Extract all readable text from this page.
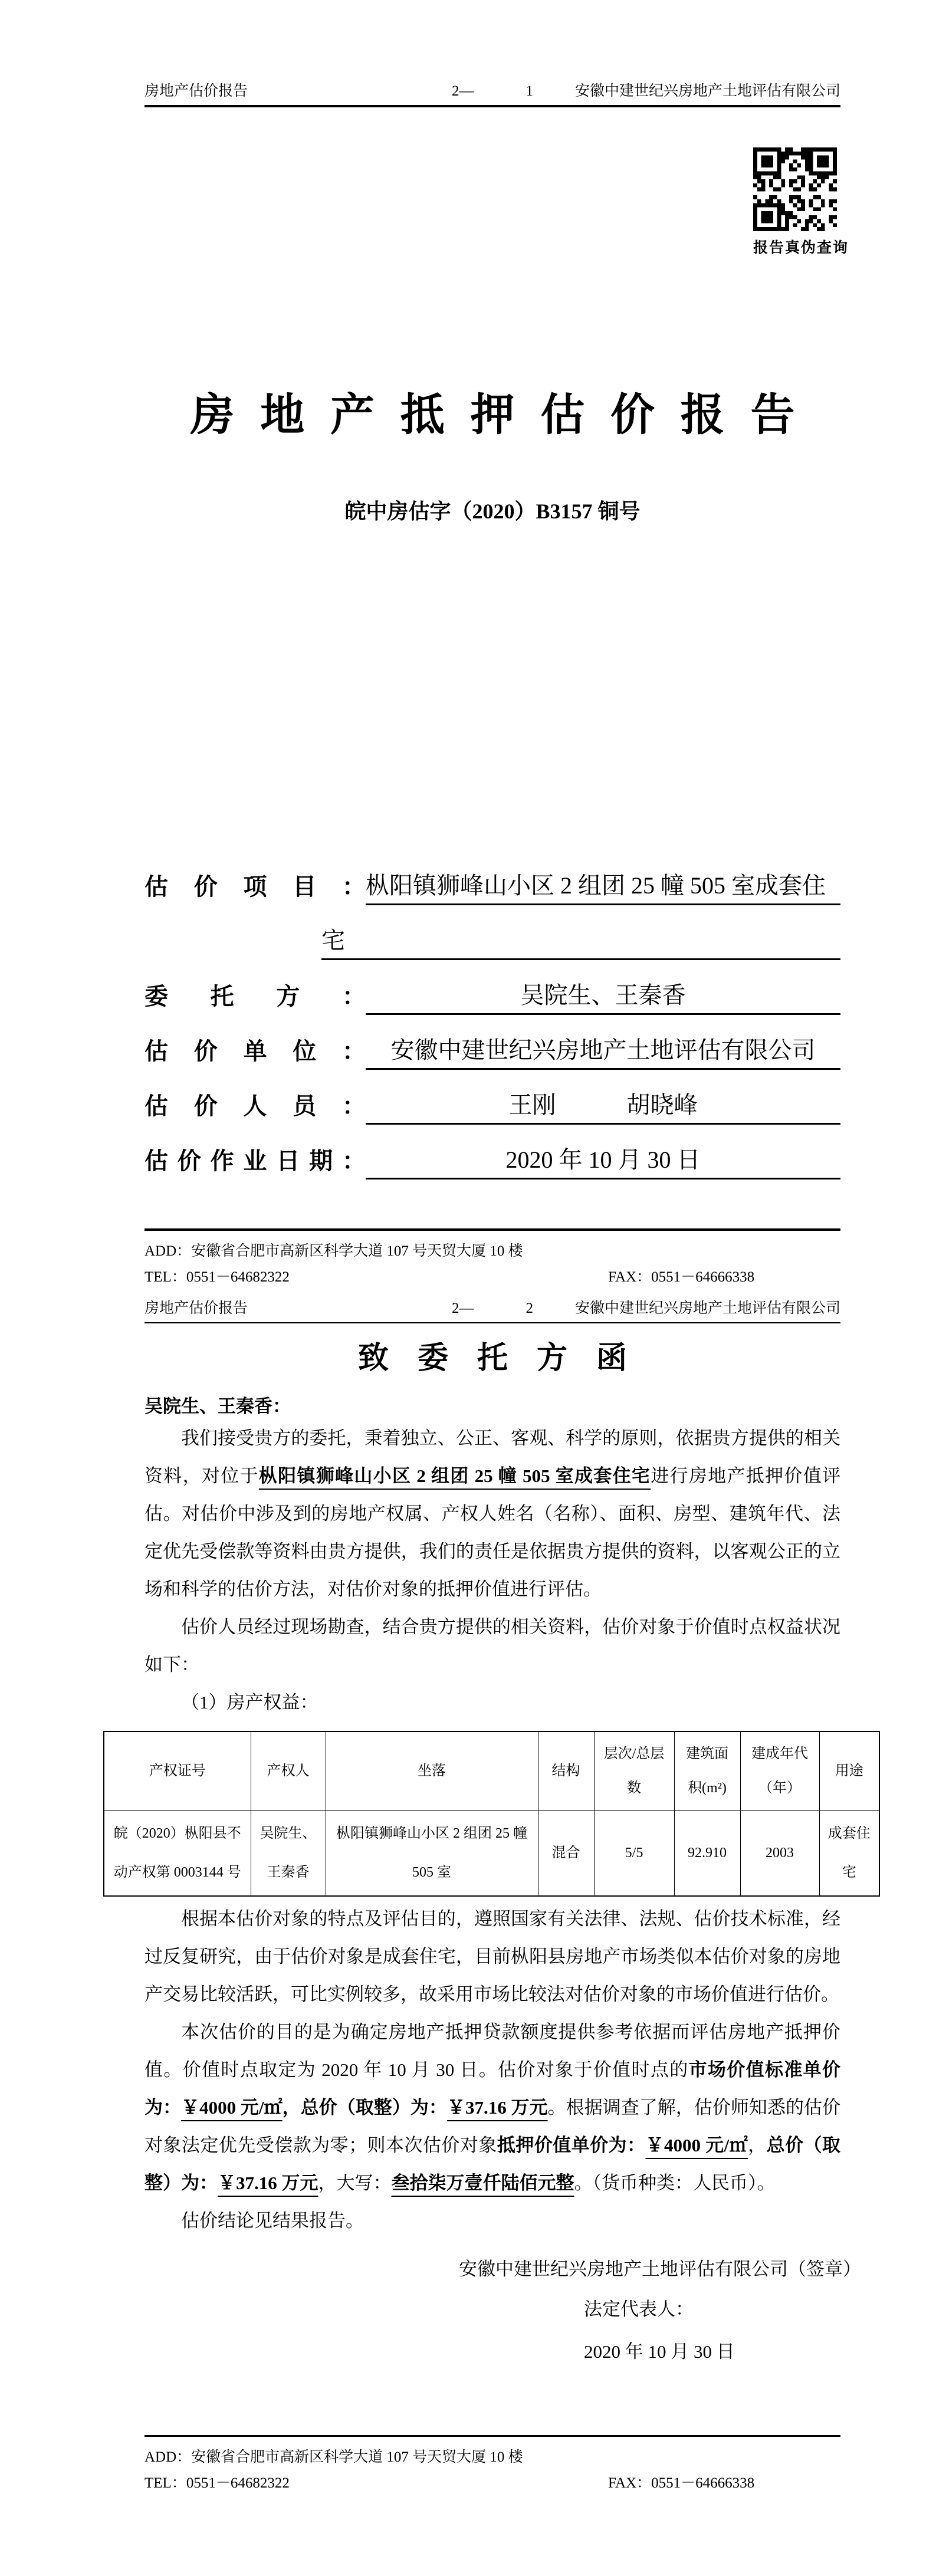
房地产估价报告	2—	1	安徽中建世纪兴房地产土地评估有限公司
报告真伪查询
房 地 产 抵 押 估 价 报 告
皖中房估字（2020）B3157 铜号
估价项目： 枞阳镇狮峰山小区 2 组团 25 幢 505 室成套住
宅
委托方：	吴院生、王秦香
估价单位：	安徽中建世纪兴房地产土地评估有限公司
估价人员：	王刚　　　胡晓峰
估价作业日期：	2020 年 10 月 30 日
ADD：安徽省合肥市高新区科学大道 107 号天贸大厦 10 楼
TEL：0551－64682322	FAX：0551－64666338
房地产估价报告	2—	2	安徽中建世纪兴房地产土地评估有限公司
致 委 托 方 函
吴院生、王秦香：

我们接受贵方的委托，秉着独立、公正、客观、科学的原则，依据贵方提供的相关资料，对位于枞阳镇狮峰山小区 2 组团 25 幢 505 室成套住宅进行房地产抵押价值评估。对估价中涉及到的房地产权属、产权人姓名（名称）、面积、房型、建筑年代、法定优先受偿款等资料由贵方提供，我们的责任是依据贵方提供的资料，以客观公正的立场和科学的估价方法，对估价对象的抵押价值进行评估。

估价人员经过现场勘查，结合贵方提供的相关资料，估价对象于价值时点权益状况如下：

（1）房产权益：
产权证号	产权人	坐落	结构	层次/总层数	建筑面积(m²)	建成年代（年）	用途
皖（2020）枞阳县不动产权第 0003144 号	吴院生、王秦香	枞阳镇狮峰山小区 2 组团 25 幢 505 室	混合	5/5	92.910	2003	成套住宅

根据本估价对象的特点及评估目的，遵照国家有关法律、法规、估价技术标准，经过反复研究，由于估价对象是成套住宅，目前枞阳县房地产市场类似本估价对象的房地产交易比较活跃，可比实例较多，故采用市场比较法对估价对象的市场价值进行估价。

本次估价的目的是为确定房地产抵押贷款额度提供参考依据而评估房地产抵押价值。价值时点取定为 2020 年 10 月 30 日。估价对象于价值时点的市场价值标准单价为：￥4000 元/㎡，总价（取整）为：￥37.16 万元。根据调查了解，估价师知悉的估价对象法定优先受偿款为零；则本次估价对象抵押价值单价为：￥4000 元/㎡，总价（取整）为：￥37.16 万元，大写：叁拾柒万壹仟陆佰元整。（货币种类：人民币）。

估价结论见结果报告。
安徽中建世纪兴房地产土地评估有限公司（签章）
法定代表人：
2020 年 10 月 30 日
ADD：安徽省合肥市高新区科学大道 107 号天贸大厦 10 楼
TEL：0551－64682322	FAX：0551－64666338
